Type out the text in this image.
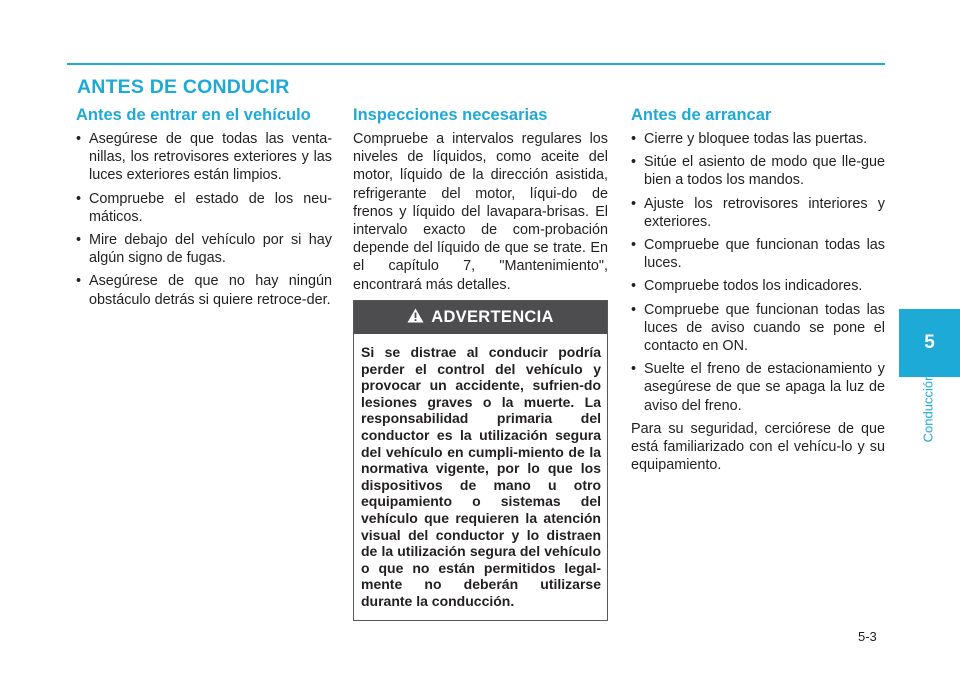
ANTES DE CONDUCIR
Antes de entrar en el vehículo
• Asegúrese de que todas las venta-nillas, los retrovisores exteriores y las luces exteriores están limpios.
• Compruebe el estado de los neu-máticos.
• Mire debajo del vehículo por si hay algún signo de fugas.
• Asegúrese de que no hay ningún obstáculo detrás si quiere retroce-der.
Inspecciones necesarias

Compruebe a intervalos regulares los niveles de líquidos, como aceite del motor, líquido de la dirección asistida, refrigerante del motor, líqui-do de frenos y líquido del lavapara-brisas. El intervalo exacto de com-probación depende del líquido de que se trate. En el capítulo 7, "Mantenimiento", encontrará más detalles.

ADVERTENCIA
Si se distrae al conducir podría perder el control del vehículo y provocar un accidente, sufrien-do lesiones graves o la muerte. La responsabilidad primaria del conductor es la utilización segura del vehículo en cumpli-miento de la normativa vigente, por lo que los dispositivos de mano u otro equipamiento o sistemas del vehículo que requieren la atención visual del conductor y lo distraen de la utilización segura del vehículo o que no están permitidos legal-mente no deberán utilizarse durante la conducción.
Antes de arrancar
• Cierre y bloquee todas las puertas.
• Sitúe el asiento de modo que lle-gue bien a todos los mandos.
• Ajuste los retrovisores interiores y exteriores.
• Compruebe que funcionan todas las luces.
• Compruebe todos los indicadores.
• Compruebe que funcionan todas las luces de aviso cuando se pone el contacto en ON.
• Suelte el freno de estacionamiento y asegúrese de que se apaga la luz de aviso del freno.

Para su seguridad, cerciórese de que está familiarizado con el vehícu-lo y su equipamiento.

5
Conducción
5-3
